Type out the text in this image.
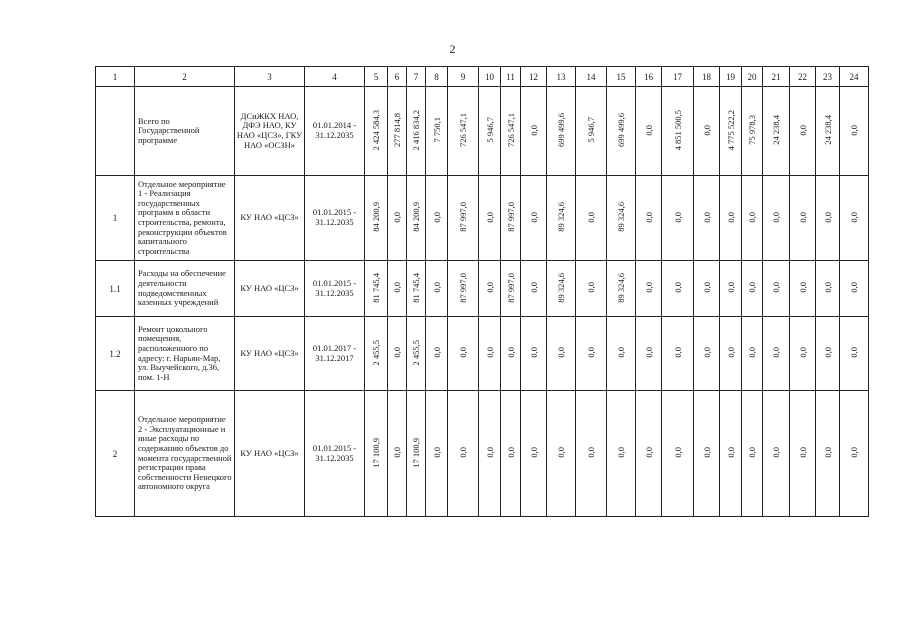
2
1	2	3	4	5	6	7	8	9	10	11	12	13	14	15	16	17	18	19	20	21	22	23	24
	Всего по Государственной программе	ДСиЖКХ НАО, ДФЭ НАО, КУ НАО «ЦСЗ», ГКУ НАО «ОСЗН»	01.01.2014 - 31.12.2035	2 424 584,3	277 814,8	2 416 834,2	7 750,1	726 547,1	5 946,7	726 547,1	0,0	699 499,6	5 946,7	699 499,6	0,0	4 851 500,5	0,0	4 775 522,2	75 978,3	24 238,4	0,0	24 238,4	0,0
1	Отдельное мероприятие 1 - Реализация государственных программ в области строительства, ремонта, реконструкции объектов капитального строительства	КУ НАО «ЦСЗ»	01.01.2015 - 31.12.2035	84 200,9	0,0	84 200,9	0,0	87 997,0	0,0	87 997,0	0,0	89 324,6	0,0	89 324,6	0,0	0,0	0,0	0,0	0,0	0,0	0,0	0,0	0,0
1.1	Расходы на обеспечение деятельности подведомственных казенных учреждений	КУ НАО «ЦСЗ»	01.01.2015 - 31.12.2035	81 745,4	0,0	81 745,4	0,0	87 997,0	0,0	87 997,0	0,0	89 324,6	0,0	89 324,6	0,0	0,0	0,0	0,0	0,0	0,0	0,0	0,0	0,0
1.2	Ремонт цокольного помещения, расположенного по адресу: г. Нарьян-Мар, ул. Выучейского, д.36, пом. 1-Н	КУ НАО «ЦСЗ»	01.01.2017 - 31.12.2017	2 455,5	0,0	2 455,5	0,0	0,0	0,0	0,0	0,0	0,0	0,0	0,0	0,0	0,0	0,0	0,0	0,0	0,0	0,0	0,0	0,0
2	Отдельное мероприятие 2 - Эксплуатационные и иные расходы по содержанию объектов до момента государственной регистрации права собственности Ненецкого автономного округа	КУ НАО «ЦСЗ»	01.01.2015 - 31.12.2035	17 100,9	0,0	17 100,9	0,0	0,0	0,0	0,0	0,0	0,0	0,0	0,0	0,0	0,0	0,0	0,0	0,0	0,0	0,0	0,0	0,0
